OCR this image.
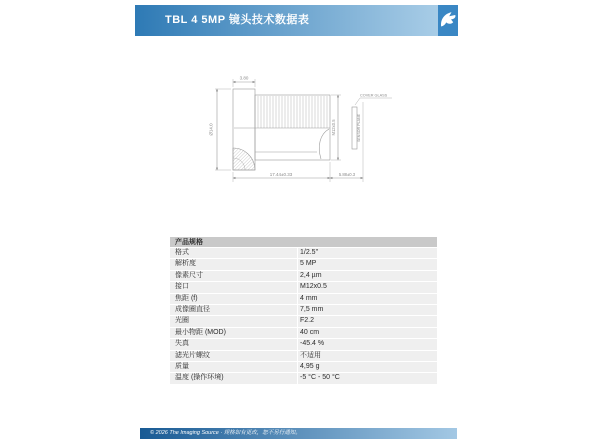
TBL 4 5MP 镜头技术数据表
3.80
Ø14.0	M12x0.5
COVER GLASS
SENSOR PLANE
17.44±0.33	5.88±0.3
产品规格
格式	1/2.5"
解析度	5 MP
像素尺寸	2,4 µm
接口	M12x0.5
焦距 (f)	4 mm
成像圈直径	7,5 mm
光圈	F2.2
最小物距 (MOD)	40 cm
失真	-45.4 %
滤光片螺纹	不适用
质量	4,95 g
温度 (操作环境)	-5 °C - 50 °C
© 2026 The Imaging Source · 规格如有更改，恕不另行通知。
